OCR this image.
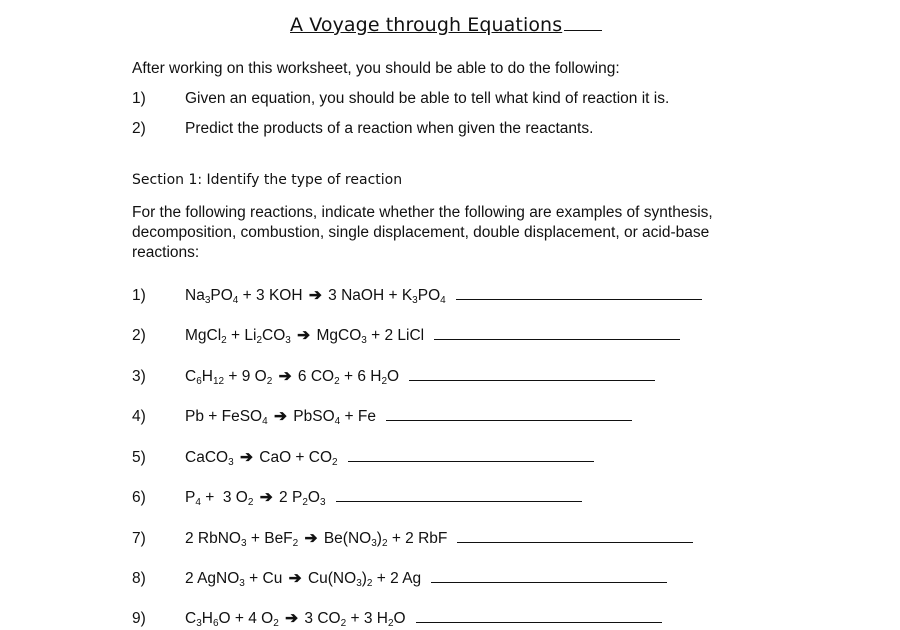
A Voyage through Equations
After working on this worksheet, you should be able to do the following:
1)	Given an equation, you should be able to tell what kind of reaction it is.
2)	Predict the products of a reaction when given the reactants.
Section 1: Identify the type of reaction
For the following reactions, indicate whether the following are examples of synthesis, decomposition, combustion, single displacement, double displacement, or acid-base reactions:
1)	$Na_3PO_4 + 3$ KOH ➔ 3 NaOH + $K_3PO_4$
2)	MgCl$_2$ + $Li_2CO_3$ ➔ MgCO$_3$ + 2 LiCl
3)	$C_6H_{12} + 9$ $O_2$ ➔ 6 $CO_2 + 6$ $H_2O$
4)	Pb + FeSO$_4$ ➔ PbSO$_4$ + Fe
5)	CaCO$_3$ ➔ CaO + $CO_2$
6)	$P_4 + 3$ $O_2$ ➔ 2 $P_2O_3$
7)	2 RbNO$_3$ + BeF$_2$ ➔ $Be(NO_3)_2 + 2$ RbF
8)	2 AgNO$_3$ + Cu ➔ $Cu(NO_3)_2 + 2$ Ag
9)	$C_3H_6O + 4$ $O_2$ ➔ 3 $CO_2 + 3$ $H_2O$
